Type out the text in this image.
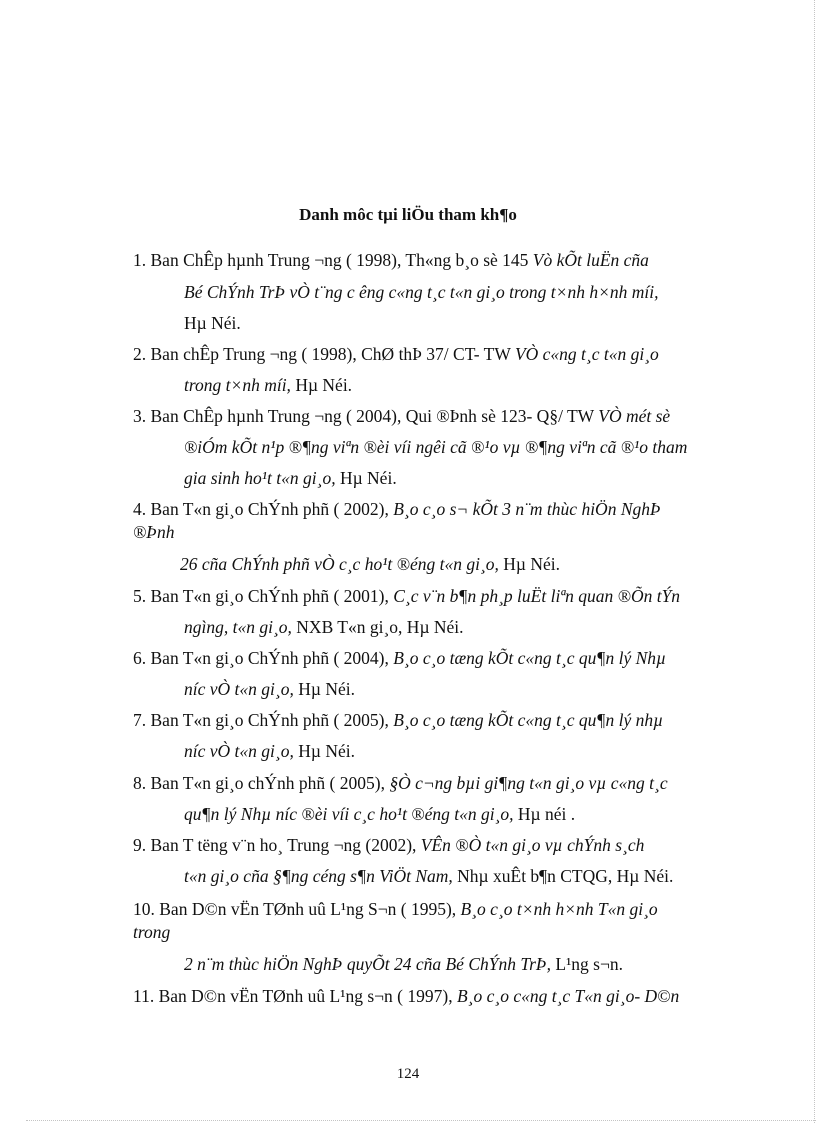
Danh môc tµi liÖu tham kh¶o
1. Ban ChÊp hµnh Trung ¬ng ( 1998), Th«ng b¸o sè 145 Vò kÕt luËn cña
Bé ChÝnh TrÞ vÒ t¨ng c êng c«ng t¸c t«n gi¸o trong t×nh h×nh míi,
Hµ Néi.
2. Ban chÊp Trung ¬ng ( 1998), ChØ thÞ 37/ CT- TW VÒ c«ng t¸c t«n gi¸o
trong t×nh míi, Hµ Néi.
3. Ban ChÊp hµnh Trung ¬ng ( 2004), Qui ®Þnh sè 123- Q§/ TW VÒ mét sè
®iÓm kÕt n¹p ®¶ng viªn ®èi víi ngêi cã ®¹o vµ ®¶ng viªn cã ®¹o tham
gia sinh ho¹t t«n gi¸o, Hµ Néi.
4. Ban T«n gi¸o ChÝnh phñ ( 2002), B¸o c¸o s¬ kÕt 3 n¨m thùc hiÖn NghÞ
®Þnh
26 cña ChÝnh phñ vÒ c¸c ho¹t ®éng t«n gi¸o, Hµ Néi.
5. Ban T«n gi¸o ChÝnh phñ ( 2001), C¸c v¨n b¶n ph¸p luËt liªn quan ®Õn tÝn
ngìng, t«n gi¸o, NXB T«n gi¸o, Hµ Néi.
6. Ban T«n gi¸o ChÝnh phñ ( 2004), B¸o c¸o tæng kÕt c«ng t¸c qu¶n lý Nhµ
níc vÒ t«n gi¸o, Hµ Néi.
7. Ban T«n gi¸o ChÝnh phñ ( 2005), B¸o c¸o tæng kÕt c«ng t¸c qu¶n lý nhµ
níc vÒ t«n gi¸o, Hµ Néi.
8. Ban T«n gi¸o chÝnh phñ ( 2005), §Ò c¬ng bµi gi¶ng t«n gi¸o vµ c«ng t¸c
qu¶n lý Nhµ níc ®èi víi c¸c ho¹t ®éng t«n gi¸o, Hµ néi .
9. Ban T tëng v¨n ho¸ Trung ¬ng (2002), VÊn ®Ò t«n gi¸o vµ chÝnh s¸ch
t«n gi¸o cña §¶ng céng s¶n ViÖt Nam, Nhµ xuÊt b¶n CTQG, Hµ Néi.
10. Ban D©n vËn TØnh uû L¹ng S¬n ( 1995), B¸o c¸o t×nh h×nh T«n gi¸o
trong
2 n¨m thùc hiÖn NghÞ quyÕt 24 cña Bé ChÝnh TrÞ, L¹ng s¬n.
11. Ban D©n vËn TØnh uû L¹ng s¬n ( 1997), B¸o c¸o c«ng t¸c T«n gi¸o- D©n
124
